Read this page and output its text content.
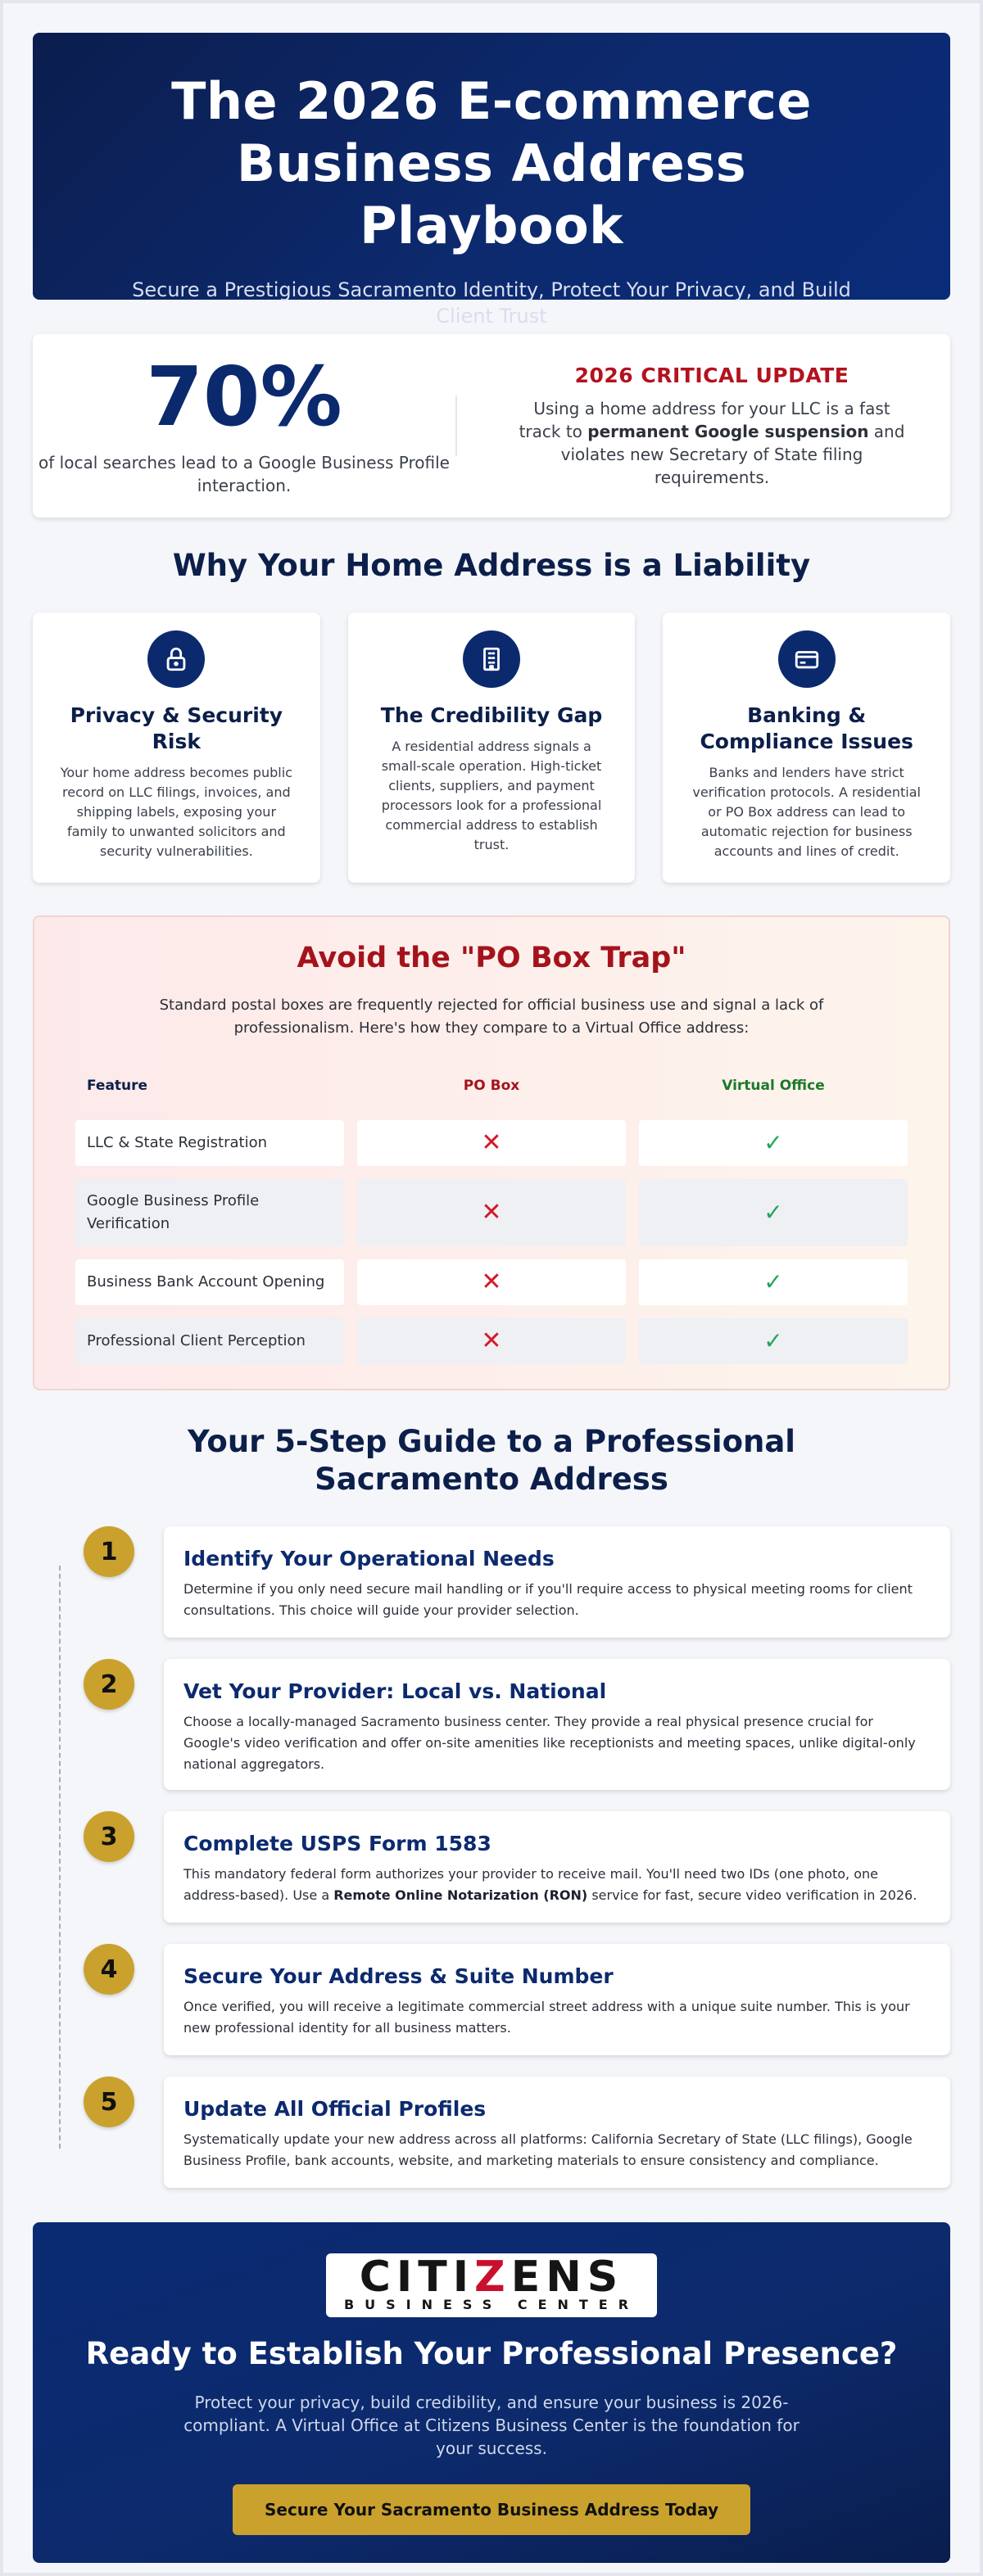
The 2026 E-commerce Business Address Playbook

Secure a Prestigious Sacramento Identity, Protect Your Privacy, and Build Client Trust

70%
of local searches lead to a Google Business Profile interaction.
2026 CRITICAL UPDATE
Using a home address for your LLC is a fast track to permanent Google suspension and violates new Secretary of State filing requirements.
Why Your Home Address is a Liability
Privacy & Security Risk

Your home address becomes public record on LLC filings, invoices, and shipping labels, exposing your family to unwanted solicitors and security vulnerabilities.

The Credibility Gap

A residential address signals a small-scale operation. High-ticket clients, suppliers, and payment processors look for a professional commercial address to establish trust.

Banking & Compliance Issues

Banks and lenders have strict verification protocols. A residential or PO Box address can lead to automatic rejection for business accounts and lines of credit.

Avoid the "PO Box Trap"

Standard postal boxes are frequently rejected for official business use and signal a lack of professionalism. Here's how they compare to a Virtual Office address:

Feature	PO Box	Virtual Office
LLC & State Registration	✕	✓
Google Business Profile Verification	✕	✓
Business Bank Account Opening	✕	✓
Professional Client Perception	✕	✓
Your 5-Step Guide to a Professional Sacramento Address
1	Identify Your Operational Needs

Determine if you only need secure mail handling or if you'll require access to physical meeting rooms for client consultations. This choice will guide your provider selection.

2	Vet Your Provider: Local vs. National

Choose a locally-managed Sacramento business center. They provide a real physical presence crucial for Google's video verification and offer on-site amenities like receptionists and meeting spaces, unlike digital-only national aggregators.

3	Complete USPS Form 1583

This mandatory federal form authorizes your provider to receive mail. You'll need two IDs (one photo, one address-based). Use a Remote Online Notarization (RON) service for fast, secure video verification in 2026.

4	Secure Your Address & Suite Number

Once verified, you will receive a legitimate commercial street address with a unique suite number. This is your new professional identity for all business matters.

5	Update All Official Profiles

Systematically update your new address across all platforms: California Secretary of State (LLC filings), Google Business Profile, bank accounts, website, and marketing materials to ensure consistency and compliance.

CITIZENS
BUSINESS CENTER
Ready to Establish Your Professional Presence?

Protect your privacy, build credibility, and ensure your business is 2026-compliant. A Virtual Office at Citizens Business Center is the foundation for your success.

Secure Your Sacramento Business Address Today
